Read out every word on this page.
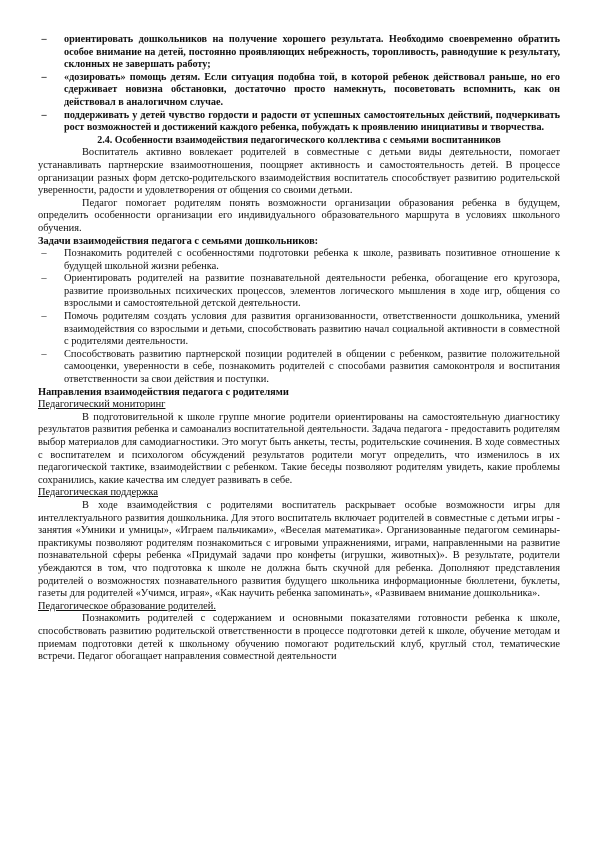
–	ориентировать дошкольников на получение хорошего результата. Необходимо своевременно обратить особое внимание на детей, постоянно проявляющих небрежность, торопливость, равнодушие к результату, склонных не завершать работу;
–	«дозировать» помощь детям. Если ситуация подобна той, в которой ребенок действовал раньше, но его сдерживает новизна обстановки, достаточно просто намекнуть, посоветовать вспомнить, как он действовал в аналогичном случае.
–	поддерживать у детей чувство гордости и радости от успешных самостоятельных действий, подчеркивать рост возможностей и достижений каждого ребенка, побуждать к проявлению инициативы и творчества.
2.4. Особенности взаимодействия педагогического коллектива с семьями воспитанников
Воспитатель активно вовлекает родителей в совместные с детьми виды деятельности, помогает устанавливать партнерские взаимоотношения, поощряет активность и самостоятельность детей. В процессе организации разных форм детско-родительского взаимодействия воспитатель способствует развитию родительской уверенности, радости и удовлетворения от общения со своими детьми.
Педагог помогает родителям понять возможности организации образования ребенка в будущем, определить особенности организации его индивидуального образовательного маршрута в условиях школьного обучения.
Задачи взаимодействия педагога с семьями дошкольников:
–	Познакомить родителей с особенностями подготовки ребенка к школе, развивать позитивное отношение к будущей школьной жизни ребенка.
–	Ориентировать родителей на развитие познавательной деятельности ребенка, обогащение его кругозора, развитие произвольных психических процессов, элементов логического мышления в ходе игр, общения со взрослыми и самостоятельной детской деятельности.
–	Помочь родителям создать условия для развития организованности, ответственности дошкольника, умений взаимодействия со взрослыми и детьми, способствовать развитию начал социальной активности в совместной с родителями деятельности.
–	Способствовать развитию партнерской позиции родителей в общении с ребенком, развитие положительной самооценки, уверенности в себе, познакомить родителей с способами развития самоконтроля и воспитания ответственности за свои действия и поступки.
Направления взаимодействия педагога с родителями
Педагогический мониторинг
В подготовительной к школе группе многие родители ориентированы на самостоятельную диагностику результатов развития ребенка и самоанализ воспитательной деятельности. Задача педагога - предоставить родителям выбор материалов для самодиагностики. Это могут быть анкеты, тесты, родительские сочинения. В ходе совместных с воспитателем и психологом обсуждений результатов родители могут определить, что изменилось в их педагогической тактике, взаимодействии с ребенком. Такие беседы позволяют родителям увидеть, какие проблемы сохранились, какие качества им следует развивать в себе.
Педагогическая поддержка
В ходе взаимодействия с родителями воспитатель раскрывает особые возможности игры для интеллектуального развития дошкольника. Для этого воспитатель включает родителей в совместные с детьми игры - занятия «Умники и умницы», «Играем пальчиками», «Веселая математика». Организованные педагогом семинары-практикумы позволяют родителям познакомиться с игровыми упражнениями, играми, направленными на развитие познавательной сферы ребенка «Придумай задачи про конфеты (игрушки, животных)». В результате, родители убеждаются в том, что подготовка к школе не должна быть скучной для ребенка. Дополняют представления родителей о возможностях познавательного развития будущего школьника информационные бюллетени, буклеты, газеты для родителей «Учимся, играя», «Как научить ребенка запоминать», «Развиваем внимание дошкольника».
Педагогическое образование родителей.
Познакомить родителей с содержанием и основными показателями готовности ребенка к школе, способствовать развитию родительской ответственности в процессе подготовки детей к школе, обучение методам и приемам подготовки детей к школьному обучению помогают родительский клуб, круглый стол, тематические встречи. Педагог обогащает направления совместной деятельности
